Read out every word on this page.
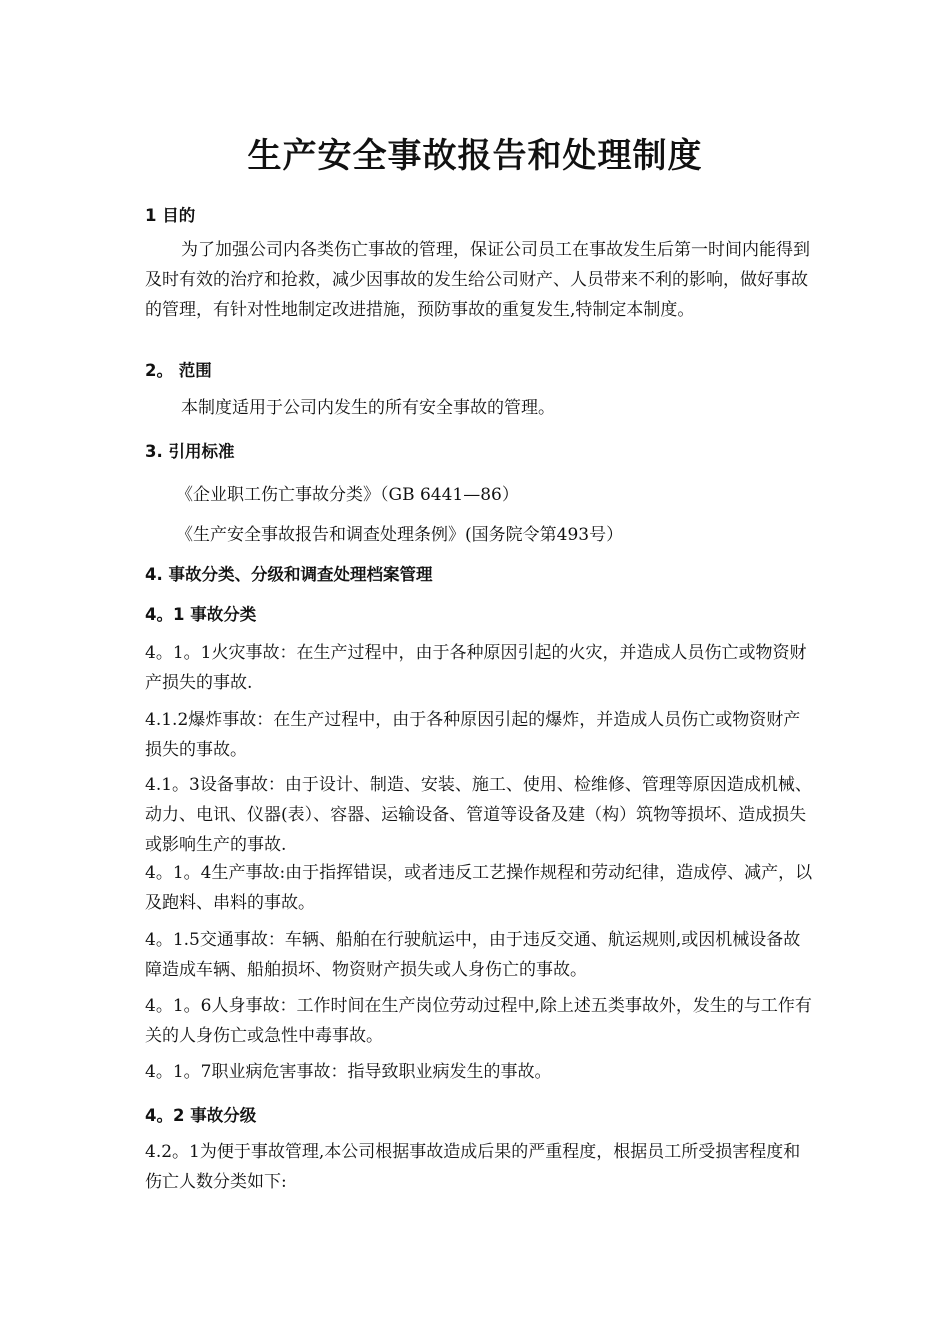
生产安全事故报告和处理制度
1 目的

为了加强公司内各类伤亡事故的管理，保证公司员工在事故发生后第一时间内能得到及时有效的治疗和抢救，减少因事故的发生给公司财产、人员带来不利的影响，做好事故的管理，有针对性地制定改进措施，预防事故的重复发生,特制定本制度。

2。 范围

本制度适用于公司内发生的所有安全事故的管理。

3. 引用标准
《企业职工伤亡事故分类》（GB 6441—86）
《生产安全事故报告和调查处理条例》(国务院令第493号）
4. 事故分类、分级和调查处理档案管理
4。1 事故分类

4。1。1火灾事故：在生产过程中，由于各种原因引起的火灾，并造成人员伤亡或物资财产损失的事故.

4.1.2爆炸事故：在生产过程中，由于各种原因引起的爆炸，并造成人员伤亡或物资财产损失的事故。

4.1。3设备事故：由于设计、制造、安装、施工、使用、检维修、管理等原因造成机械、动力、电讯、仪器(表）、容器、运输设备、管道等设备及建（构）筑物等损坏、造成损失或影响生产的事故.

4。1。4生产事故:由于指挥错误，或者违反工艺操作规程和劳动纪律，造成停、减产，以及跑料、串料的事故。

4。1.5交通事故：车辆、船舶在行驶航运中，由于违反交通、航运规则,或因机械设备故障造成车辆、船舶损坏、物资财产损失或人身伤亡的事故。

4。1。6人身事故：工作时间在生产岗位劳动过程中,除上述五类事故外，发生的与工作有关的人身伤亡或急性中毒事故。

4。1。7职业病危害事故：指导致职业病发生的事故。

4。2 事故分级

4.2。1为便于事故管理,本公司根据事故造成后果的严重程度，根据员工所受损害程度和伤亡人数分类如下:
